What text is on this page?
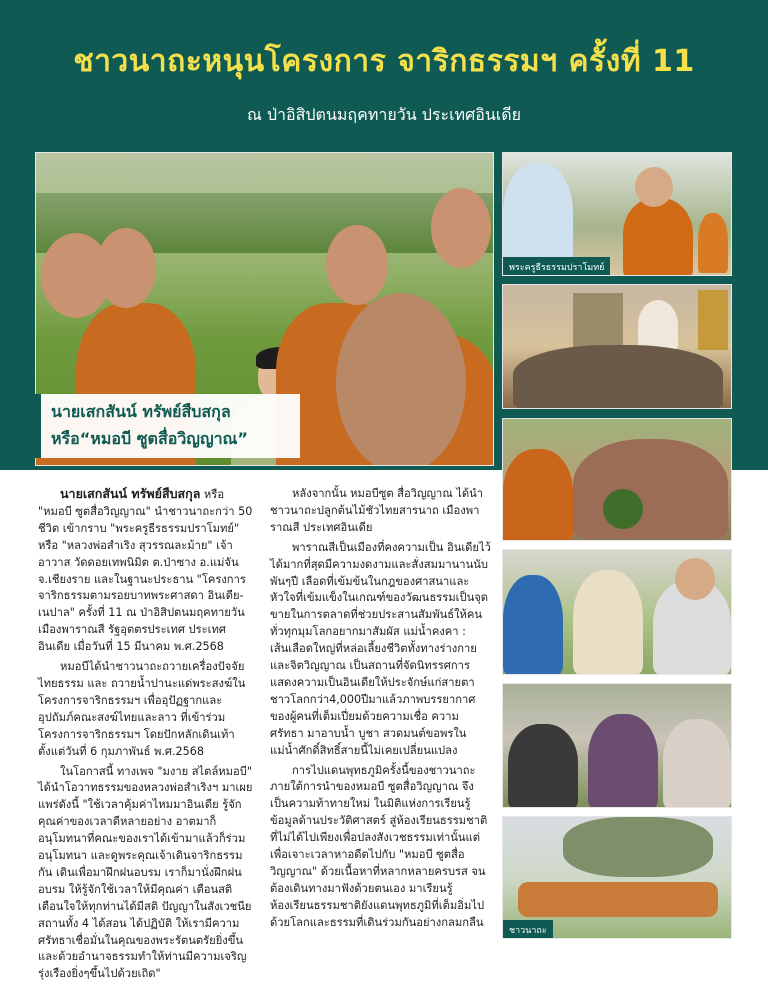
ชาวนาถะหนุนโครงการ จาริกธรรมฯ ครั้งที่ 11
ณ ป่าอิสิปตนมฤคทายวัน ประเทศอินเดีย
นายเสกสันน์ ทรัพย์สืบสกุล
หรือ“หมอบี ซูตสื่อวิญญาณ”
พระครูธีรธรรมปราโมทย์
ชาวนาถะ

นายเสกสันน์ ทรัพย์สืบสกุล หรือ "หมอบี ซูตสื่อวิญญาณ" นำชาวนาถะกว่า 50 ชีวิต เข้ากราบ "พระครูธีรธรรมปราโมทย์" หรือ "หลวงพ่อสำเริง สุวรรณละม้าย" เจ้าอาวาส วัดดอยเทพนิมิต ต.ป่าซาง อ.แม่จัน จ.เชียงราย และในฐานะประธาน "โครงการจาริกธรรมตามรอยบาทพระศาสดา อินเดีย-เนปาล" ครั้งที่ 11 ณ ป่าอิสิปตนมฤคทายวัน เมืองพาราณสี รัฐอุตตรประเทศ ประเทศอินเดีย เมื่อวันที่ 15 มีนาคม พ.ศ.2568

หมอบีได้นำชาวนาถะถวายเครื่องปัจจัยไทยธรรม และ ถวายน้ำปานะแด่พระสงฆ์ในโครงการจาริกธรรมฯ เพื่ออุปัฏฐากและอุปถัมภ์คณะสงฆ์ไทยและลาว ที่เข้าร่วมโครงการจาริกธรรมฯ โดยปักหลักเดินเท้าตั้งแต่วันที่ 6 กุมภาพันธ์ พ.ศ.2568

ในโอกาสนี้ ทางเพจ "มงาย สไตล์หมอบี" ได้นำโอวาทธรรมของหลวงพ่อสำเริงฯ มาเผยแพร่ดังนี้ "ใช้เวลาคุ้มค่าไหมมาอินเดีย รู้จักคุณค่าของเวลาดีหลายอย่าง อาตมาก็อนุโมทนาที่คณะของเราได้เข้ามาแล้วก็ร่วมอนุโมทนา และดูพระคุณเจ้าเดินจาริกธรรมกัน เดินเพื่อมาฝึกฝนอบรม เราก็มานั่งฝึกฝนอบรม ให้รู้จักใช้เวลาให้มีคุณค่า เตือนสติเตือนใจให้ทุกท่านได้มีสติ ปัญญาในสังเวชนียสถานทั้ง 4 ได้สอน ได้ปฏิบัติ ให้เรามีความศรัทธาเชื่อมั่นในคุณของพระรัตนตรัยยิ่งขึ้นและด้วยอำนาจธรรมทำให้ท่านมีความเจริญรุ่งเรืองยิ่งๆขึ้นไปด้วยเถิด"

หลังจากนั้น หมอบีซูต สื่อวิญญาณ ได้นำชาวนาถะปลูกต้นไม้ชัวไทยสารนาถ เมืองพาราณสี ประเทศอินเดีย

พาราณสีเป็นเมืองที่คงความเป็น อินเดียไว้ได้มากที่สุดมีความงดงามและสั่งสมมานานนับพันๆปี เลือดที่เข้มข้นในกฎของศาสนาและหัวใจที่เข้มแข็งในเกณฑ์ของวัฒนธรรมเป็นจุดขายในการตลาดที่ช่วยประสานสัมพันธ์ให้คนทั่วทุกมุมโลกอยากมาสัมผัส แม่น้ำคงคา : เส้นเลือดใหญ่ที่หล่อเลี้ยงชีวิตทั้งทางร่างกายและจิตวิญญาณ เป็นสถานที่จัดนิทรรศการแสดงความเป็นอินเดียให้ประจักษ์แก่สายตาชาวโลกกว่า4,000ปีมาแล้วภาพบรรยากาศของผู้คนที่เต็มเปี่ยมด้วยความเชื่อ ความศรัทธา มาอาบน้ำ บูชา สวดมนต์ขอพรในแม่น้ำศักดิ์สิทธิ์สายนี้ไม่เคยเปลี่ยนแปลง

การไปแดนพุทธภูมิครั้งนี้ของชาวนาถะภายใต้การนำของหมอบี ซูตสื่อวิญญาณ จึงเป็นความท้าทายใหม่ ในมิติแห่งการเรียนรู้ข้อมูลด้านประวัติศาสตร์ สู่ห้องเรียนธรรมชาติ ที่ไม่ได้ไปเพียงเพื่อปลงสังเวชธรรมเท่านั้นแต่เพื่อเจาะเวลาหาอดีตไปกับ "หมอบี ซูตสื่อวิญญาณ" ด้วยเนื้อหาที่หลากหลายครบรส จนต้องเดินทางมาฟังด้วยตนเอง มาเรียนรู้ห้องเรียนธรรมชาติยังแดนพุทธภูมิที่เต็มอิ่มไปด้วยโลกและธรรมที่เดินร่วมกันอย่างกลมกลืน
